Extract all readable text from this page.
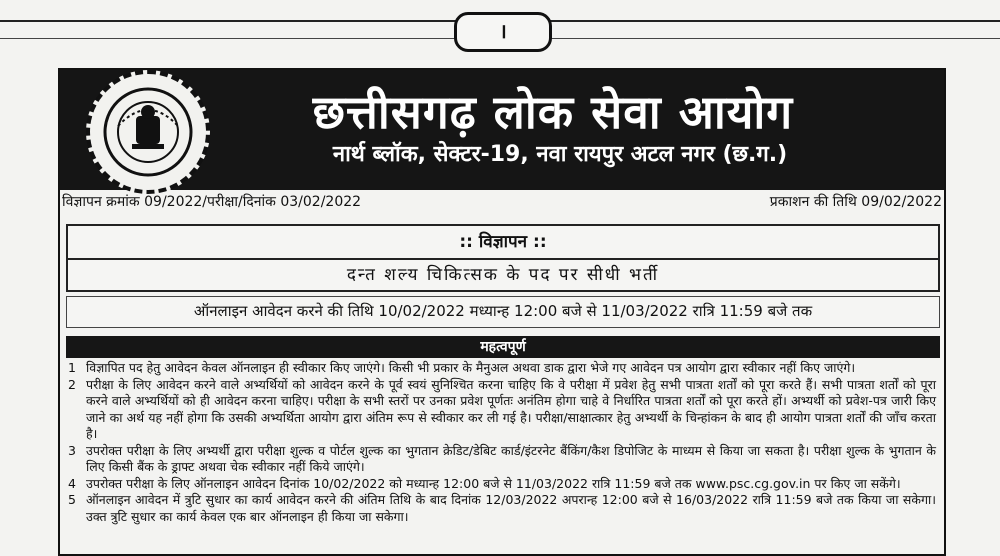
।
छत्तीसगढ़ लोक सेवा आयोग
नार्थ ब्लॉक, सेक्टर-19, नवा रायपुर अटल नगर (छ.ग.)
विज्ञापन क्रमांक 09/2022/परीक्षा/दिनांक 03/02/2022	प्रकाशन की तिथि 09/02/2022
:: विज्ञापन ::
दन्त शल्य चिकित्सक के पद पर सीधी भर्ती
ऑनलाइन आवेदन करने की तिथि 10/02/2022 मध्यान्ह 12:00 बजे से 11/03/2022 रात्रि 11:59 बजे तक
महत्वपूर्ण
1 विज्ञापित पद हेतु आवेदन केवल ऑनलाइन ही स्वीकार किए जाएंगे। किसी भी प्रकार के मैनुअल अथवा डाक द्वारा भेजे गए आवेदन पत्र आयोग द्वारा स्वीकार नहीं किए जाएंगे।
2 परीक्षा के लिए आवेदन करने वाले अभ्यर्थियों को आवेदन करने के पूर्व स्वयं सुनिश्चित करना चाहिए कि वे परीक्षा में प्रवेश हेतु सभी पात्रता शर्तों को पूरा करते हैं। सभी पात्रता शर्तों को पूरा करने वाले अभ्यर्थियों को ही आवेदन करना चाहिए। परीक्षा के सभी स्तरों पर उनका प्रवेश पूर्णतः अनंतिम होगा चाहे वे निर्धारित पात्रता शर्तों को पूरा करते हों। अभ्यर्थी को प्रवेश-पत्र जारी किए जाने का अर्थ यह नहीं होगा कि उसकी अभ्यर्थिता आयोग द्वारा अंतिम रूप से स्वीकार कर ली गई है। परीक्षा/साक्षात्कार हेतु अभ्यर्थी के चिन्हांकन के बाद ही आयोग पात्रता शर्तों की जाँच करता है।
3 उपरोक्त परीक्षा के लिए अभ्यर्थी द्वारा परीक्षा शुल्क व पोर्टल शुल्क का भुगतान क्रेडिट/डेबिट कार्ड/इंटरनेट बैंकिंग/कैश डिपोजिट के माध्यम से किया जा सकता है। परीक्षा शुल्क के भुगतान के लिए किसी बैंक के ड्राफ्ट अथवा चेक स्वीकार नहीं किये जाएंगे।
4 उपरोक्त परीक्षा के लिए ऑनलाइन आवेदन दिनांक 10/02/2022 को मध्यान्ह 12:00 बजे से 11/03/2022 रात्रि 11:59 बजे तक www.psc.cg.gov.in पर किए जा सकेंगे।
5 ऑनलाइन आवेदन में त्रुटि सुधार का कार्य आवेदन करने की अंतिम तिथि के बाद दिनांक 12/03/2022 अपरान्ह 12:00 बजे से 16/03/2022 रात्रि 11:59 बजे तक किया जा सकेगा। उक्त त्रुटि सुधार का कार्य केवल एक बार ऑनलाइन ही किया जा सकेगा।
